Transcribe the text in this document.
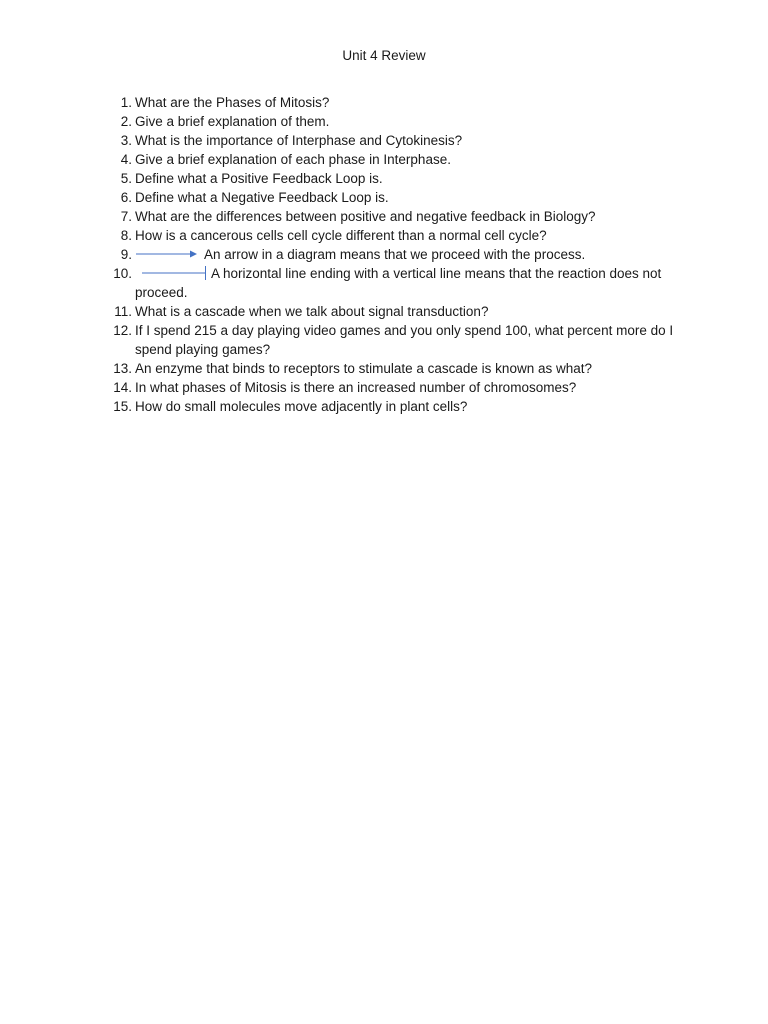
Unit 4 Review
1. What are the Phases of Mitosis?
2. Give a brief explanation of them.
3. What is the importance of Interphase and Cytokinesis?
4. Give a brief explanation of each phase in Interphase.
5. Define what a Positive Feedback Loop is.
6. Define what a Negative Feedback Loop is.
7. What are the differences between positive and negative feedback in Biology?
8. How is a cancerous cells cell cycle different than a normal cell cycle?
9.	An arrow in a diagram means that we proceed with the process.
10.	A horizontal line ending with a vertical line means that the reaction does not proceed.
11. What is a cascade when we talk about signal transduction?
12. If I spend 215 a day playing video games and you only spend 100, what percent more do I spend playing games?
13. An enzyme that binds to receptors to stimulate a cascade is known as what?
14. In what phases of Mitosis is there an increased number of chromosomes?
15. How do small molecules move adjacently in plant cells?
